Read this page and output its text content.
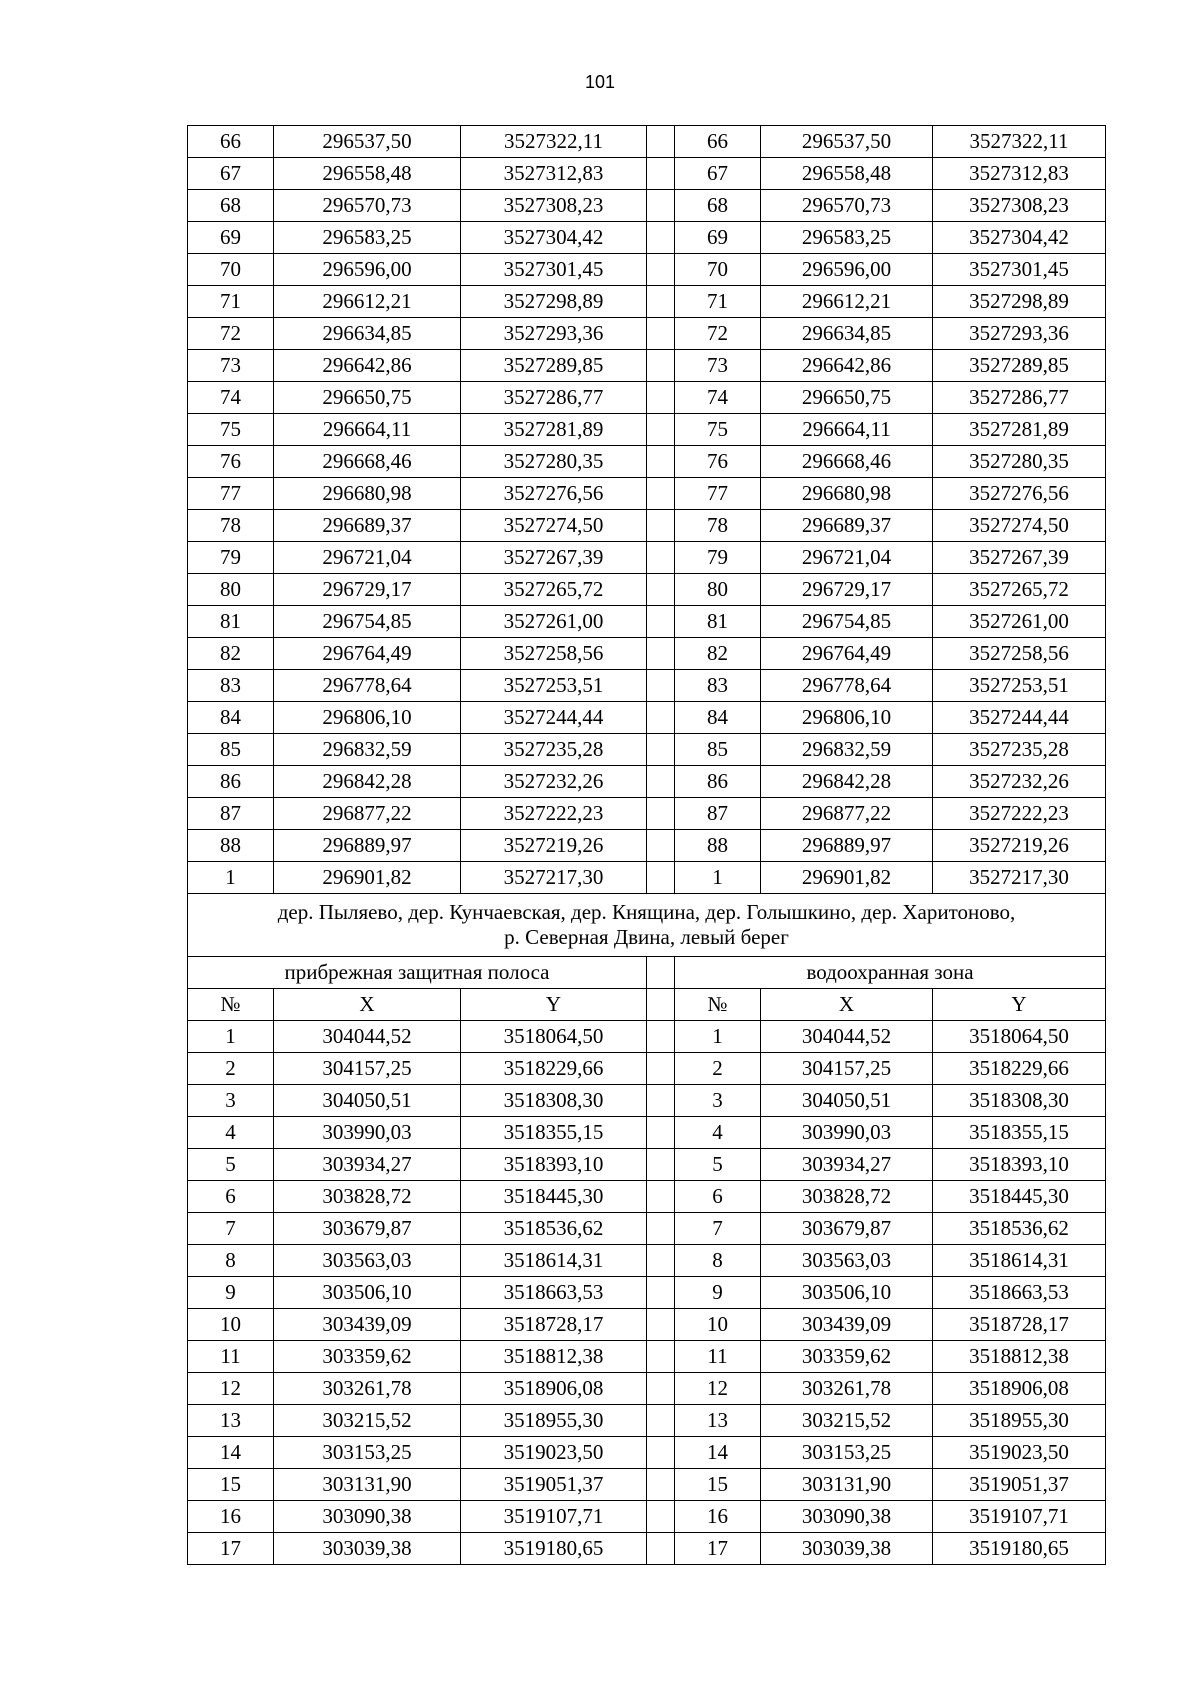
101
66	296537,50	3527322,11		66	296537,50	3527322,11
67	296558,48	3527312,83		67	296558,48	3527312,83
68	296570,73	3527308,23		68	296570,73	3527308,23
69	296583,25	3527304,42		69	296583,25	3527304,42
70	296596,00	3527301,45		70	296596,00	3527301,45
71	296612,21	3527298,89		71	296612,21	3527298,89
72	296634,85	3527293,36		72	296634,85	3527293,36
73	296642,86	3527289,85		73	296642,86	3527289,85
74	296650,75	3527286,77		74	296650,75	3527286,77
75	296664,11	3527281,89		75	296664,11	3527281,89
76	296668,46	3527280,35		76	296668,46	3527280,35
77	296680,98	3527276,56		77	296680,98	3527276,56
78	296689,37	3527274,50		78	296689,37	3527274,50
79	296721,04	3527267,39		79	296721,04	3527267,39
80	296729,17	3527265,72		80	296729,17	3527265,72
81	296754,85	3527261,00		81	296754,85	3527261,00
82	296764,49	3527258,56		82	296764,49	3527258,56
83	296778,64	3527253,51		83	296778,64	3527253,51
84	296806,10	3527244,44		84	296806,10	3527244,44
85	296832,59	3527235,28		85	296832,59	3527235,28
86	296842,28	3527232,26		86	296842,28	3527232,26
87	296877,22	3527222,23		87	296877,22	3527222,23
88	296889,97	3527219,26		88	296889,97	3527219,26
1	296901,82	3527217,30		1	296901,82	3527217,30

дер. Пыляево, дер. Кунчаевская, дер. Княщина, дер. Голышкино, дер. Харитоново,
р. Северная Двина, левый берег						

прибрежная защитная полоса				водоохранная зона		
№	X	Y		№	X	Y
1	304044,52	3518064,50		1	304044,52	3518064,50
2	304157,25	3518229,66		2	304157,25	3518229,66
3	304050,51	3518308,30		3	304050,51	3518308,30
4	303990,03	3518355,15		4	303990,03	3518355,15
5	303934,27	3518393,10		5	303934,27	3518393,10
6	303828,72	3518445,30		6	303828,72	3518445,30
7	303679,87	3518536,62		7	303679,87	3518536,62
8	303563,03	3518614,31		8	303563,03	3518614,31
9	303506,10	3518663,53		9	303506,10	3518663,53
10	303439,09	3518728,17		10	303439,09	3518728,17
11	303359,62	3518812,38		11	303359,62	3518812,38
12	303261,78	3518906,08		12	303261,78	3518906,08
13	303215,52	3518955,30		13	303215,52	3518955,30
14	303153,25	3519023,50		14	303153,25	3519023,50
15	303131,90	3519051,37		15	303131,90	3519051,37
16	303090,38	3519107,71		16	303090,38	3519107,71
17	303039,38	3519180,65		17	303039,38	3519180,65
